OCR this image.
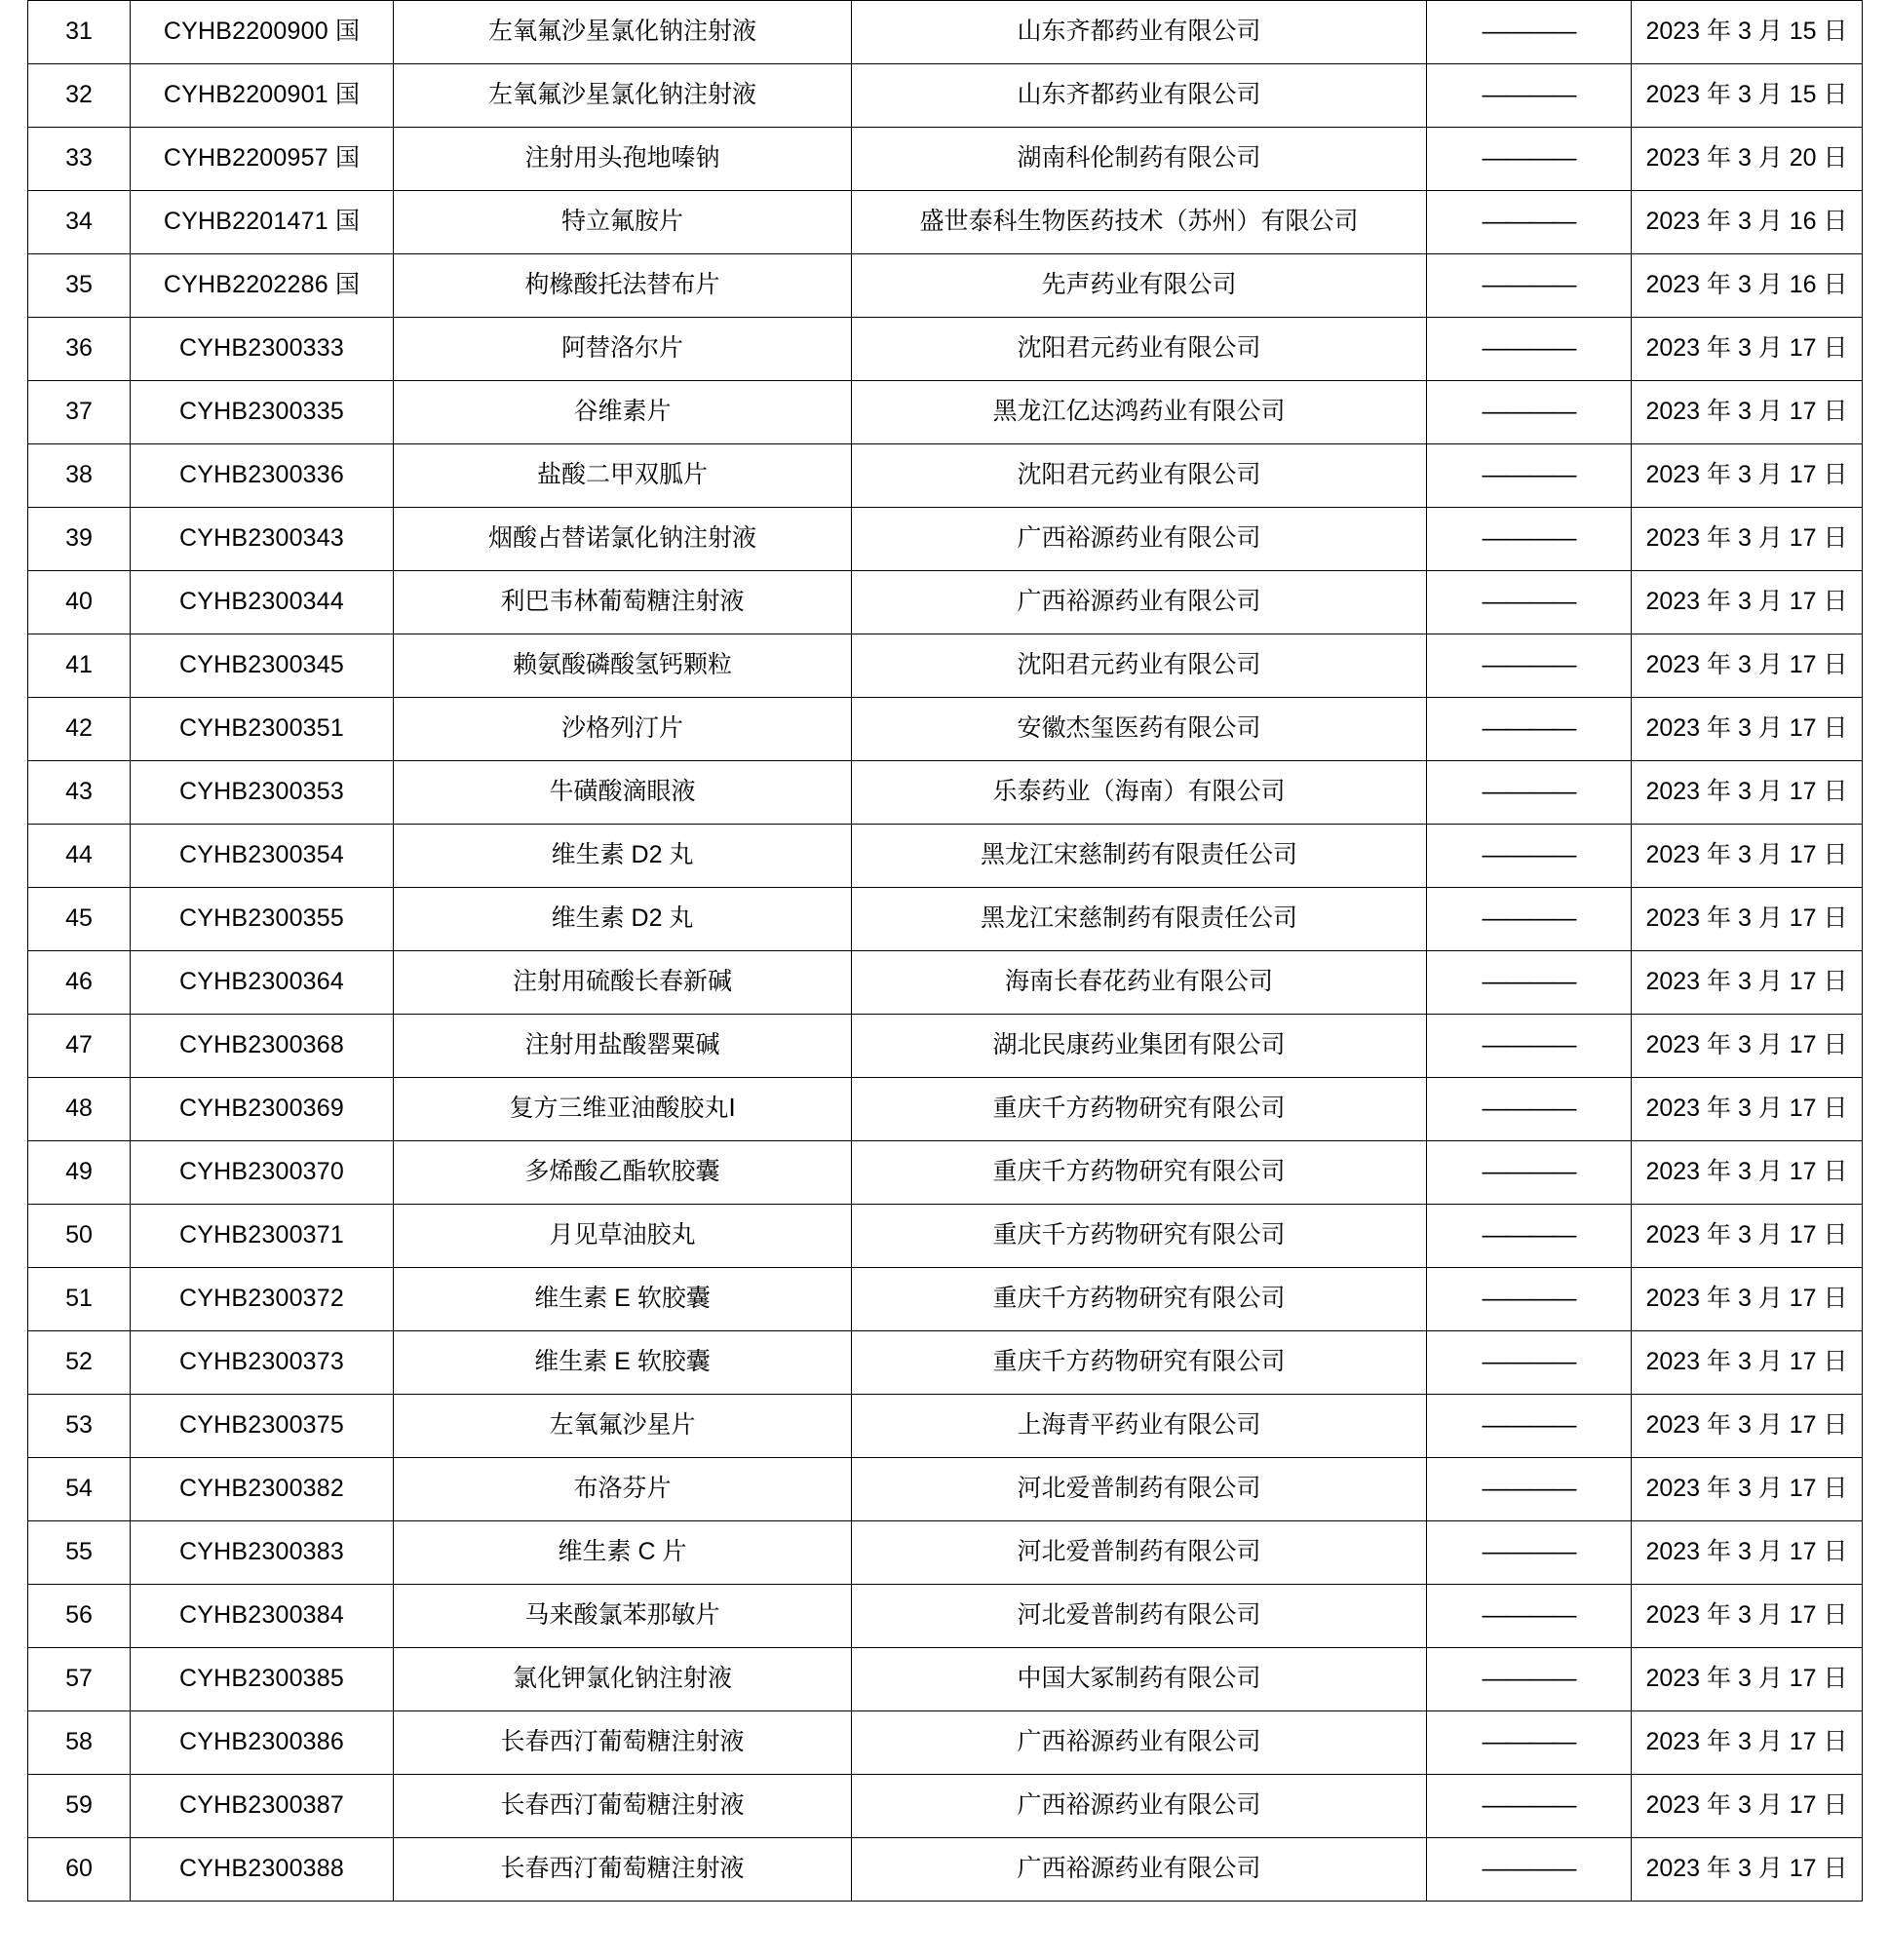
31	CYHB2200900 国	左氧氟沙星氯化钠注射液	山东齐都药业有限公司	————	2023 年 3 月 15 日
32	CYHB2200901 国	左氧氟沙星氯化钠注射液	山东齐都药业有限公司	————	2023 年 3 月 15 日
33	CYHB2200957 国	注射用头孢地嗪钠	湖南科伦制药有限公司	————	2023 年 3 月 20 日
34	CYHB2201471 国	特立氟胺片	盛世泰科生物医药技术（苏州）有限公司	————	2023 年 3 月 16 日
35	CYHB2202286 国	枸橼酸托法替布片	先声药业有限公司	————	2023 年 3 月 16 日
36	CYHB2300333	阿替洛尔片	沈阳君元药业有限公司	————	2023 年 3 月 17 日
37	CYHB2300335	谷维素片	黑龙江亿达鸿药业有限公司	————	2023 年 3 月 17 日
38	CYHB2300336	盐酸二甲双胍片	沈阳君元药业有限公司	————	2023 年 3 月 17 日
39	CYHB2300343	烟酸占替诺氯化钠注射液	广西裕源药业有限公司	————	2023 年 3 月 17 日
40	CYHB2300344	利巴韦林葡萄糖注射液	广西裕源药业有限公司	————	2023 年 3 月 17 日
41	CYHB2300345	赖氨酸磷酸氢钙颗粒	沈阳君元药业有限公司	————	2023 年 3 月 17 日
42	CYHB2300351	沙格列汀片	安徽杰玺医药有限公司	————	2023 年 3 月 17 日
43	CYHB2300353	牛磺酸滴眼液	乐泰药业（海南）有限公司	————	2023 年 3 月 17 日
44	CYHB2300354	维生素 D2 丸	黑龙江宋慈制药有限责任公司	————	2023 年 3 月 17 日
45	CYHB2300355	维生素 D2 丸	黑龙江宋慈制药有限责任公司	————	2023 年 3 月 17 日
46	CYHB2300364	注射用硫酸长春新碱	海南长春花药业有限公司	————	2023 年 3 月 17 日
47	CYHB2300368	注射用盐酸罂粟碱	湖北民康药业集团有限公司	————	2023 年 3 月 17 日
48	CYHB2300369	复方三维亚油酸胶丸Ⅰ	重庆千方药物研究有限公司	————	2023 年 3 月 17 日
49	CYHB2300370	多烯酸乙酯软胶囊	重庆千方药物研究有限公司	————	2023 年 3 月 17 日
50	CYHB2300371	月见草油胶丸	重庆千方药物研究有限公司	————	2023 年 3 月 17 日
51	CYHB2300372	维生素 E 软胶囊	重庆千方药物研究有限公司	————	2023 年 3 月 17 日
52	CYHB2300373	维生素 E 软胶囊	重庆千方药物研究有限公司	————	2023 年 3 月 17 日
53	CYHB2300375	左氧氟沙星片	上海青平药业有限公司	————	2023 年 3 月 17 日
54	CYHB2300382	布洛芬片	河北爱普制药有限公司	————	2023 年 3 月 17 日
55	CYHB2300383	维生素 C 片	河北爱普制药有限公司	————	2023 年 3 月 17 日
56	CYHB2300384	马来酸氯苯那敏片	河北爱普制药有限公司	————	2023 年 3 月 17 日
57	CYHB2300385	氯化钾氯化钠注射液	中国大冢制药有限公司	————	2023 年 3 月 17 日
58	CYHB2300386	长春西汀葡萄糖注射液	广西裕源药业有限公司	————	2023 年 3 月 17 日
59	CYHB2300387	长春西汀葡萄糖注射液	广西裕源药业有限公司	————	2023 年 3 月 17 日
60	CYHB2300388	长春西汀葡萄糖注射液	广西裕源药业有限公司	————	2023 年 3 月 17 日
